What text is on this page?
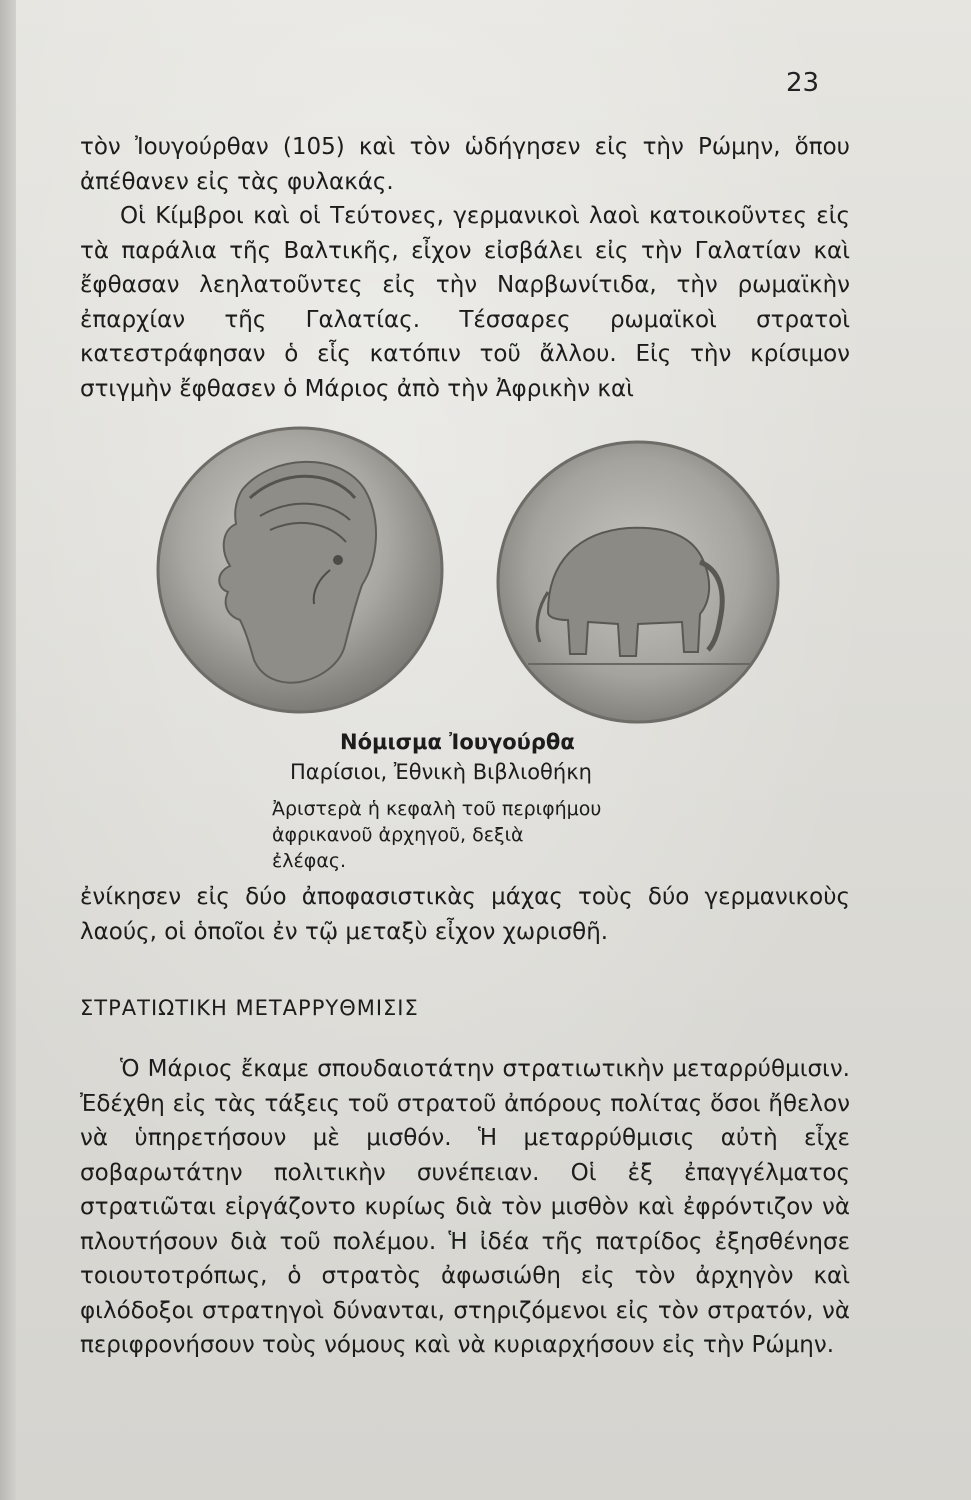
23

τὸν Ἰουγούρθαν (105) καὶ τὸν ὡδήγησεν εἰς τὴν Ρώμην, ὅπου ἀπέθανεν εἰς τὰς φυλακάς.
Οἱ Κίμβροι καὶ οἱ Τεύτονες, γερμανικοὶ λαοὶ κατοικοῦντες εἰς τὰ παράλια τῆς Βαλτικῆς, εἶχον εἰσβάλει εἰς τὴν Γαλατίαν καὶ ἔφθασαν λεηλατοῦντες εἰς τὴν Ναρβωνίτιδα, τὴν ρωμαϊκὴν ἐπαρχίαν τῆς Γαλατίας. Τέσσαρες ρωμαϊκοὶ στρατοὶ κατεστράφησαν ὁ εἷς κατόπιν τοῦ ἄλλου. Εἰς τὴν κρίσιμον στιγμὴν ἔφθασεν ὁ Μάριος ἀπὸ τὴν Ἀφρικὴν καὶ

Νόμισμα Ἰουγούρθα

Παρίσιοι, Ἐθνικὴ Βιβλιοθήκη

Ἀριστερὰ ἡ κεφαλὴ τοῦ περιφήμου ἀφρικανοῦ ἀρχηγοῦ, δεξιὰ ἐλέφας.

ἐνίκησεν εἰς δύο ἀποφασιστικὰς μάχας τοὺς δύο γερμανικοὺς λαούς, οἱ ὁποῖοι ἐν τῷ μεταξὺ εἶχον χωρισθῆ.

ΣΤΡΑΤΙΩΤΙΚΗ ΜΕΤΑΡΡΥΘΜΙΣΙΣ

Ὁ Μάριος ἔκαμε σπουδαιοτάτην στρατιωτικὴν μεταρρύθμισιν. Ἐδέχθη εἰς τὰς τάξεις τοῦ στρατοῦ ἀπόρους πολίτας ὅσοι ἤθελον νὰ ὑπηρετήσουν μὲ μισθόν. Ἡ μεταρρύθμισις αὐτὴ εἶχε σοβαρωτάτην πολιτικὴν συνέπειαν. Οἱ ἐξ ἐπαγγέλματος στρατιῶται εἰργάζοντο κυρίως διὰ τὸν μισθὸν καὶ ἐφρόντιζον νὰ πλουτήσουν διὰ τοῦ πολέμου. Ἡ ἰδέα τῆς πατρίδος ἐξησθένησε τοιουτοτρόπως, ὁ στρατὸς ἀφωσιώθη εἰς τὸν ἀρχηγὸν καὶ φιλόδοξοι στρατηγοὶ δύνανται, στηριζόμενοι εἰς τὸν στρατόν, νὰ περιφρονήσουν τοὺς νόμους καὶ νὰ κυριαρχήσουν εἰς τὴν Ρώμην.
